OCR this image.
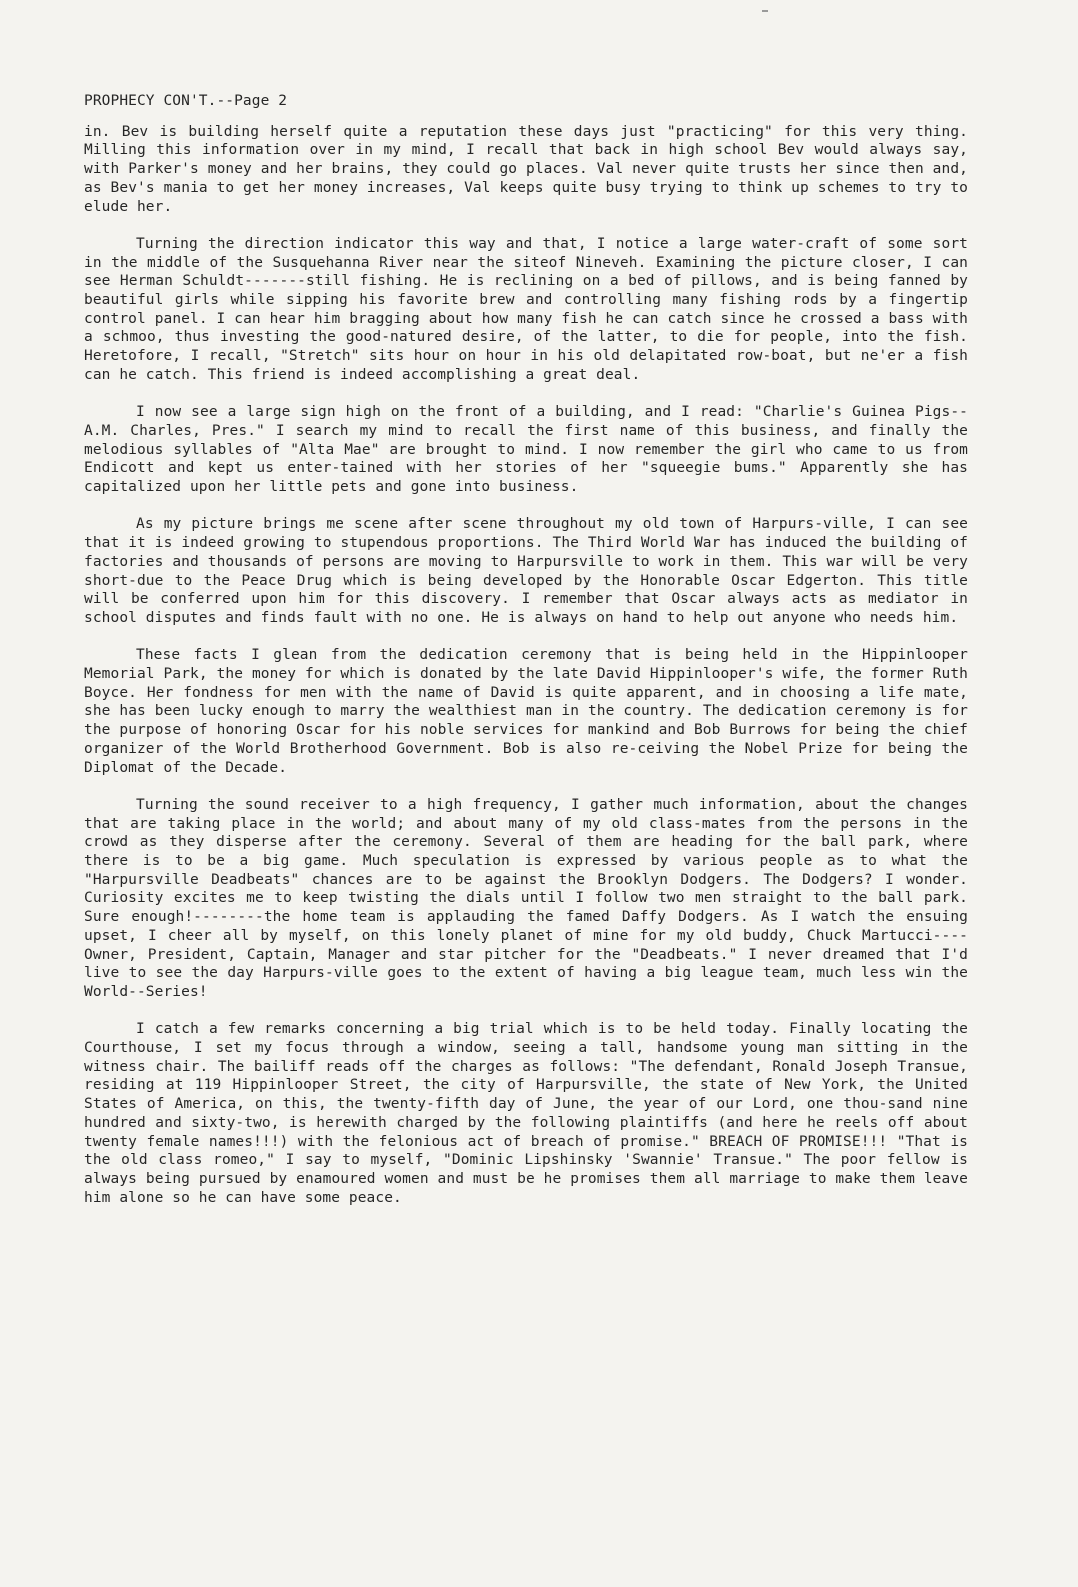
PROPHECY CON'T.--Page 2

in. Bev is building herself quite a reputation these days just "practicing" for this very thing. Milling this information over in my mind, I recall that back in high school Bev would always say, with Parker's money and her brains, they could go places. Val never quite trusts her since then and, as Bev's mania to get her money increases, Val keeps quite busy trying to think up schemes to try to elude her.

Turning the direction indicator this way and that, I notice a large water-craft of some sort in the middle of the Susquehanna River near the siteof Nineveh. Examining the picture closer, I can see Herman Schuldt-------still fishing. He is reclining on a bed of pillows, and is being fanned by beautiful girls while sipping his favorite brew and controlling many fishing rods by a fingertip control panel. I can hear him bragging about how many fish he can catch since he crossed a bass with a schmoo, thus investing the good-natured desire, of the latter, to die for people, into the fish. Heretofore, I recall, "Stretch" sits hour on hour in his old delapitated row-boat, but ne'er a fish can he catch. This friend is indeed accomplishing a great deal.

I now see a large sign high on the front of a building, and I read: "Charlie's Guinea Pigs--A.M. Charles, Pres." I search my mind to recall the first name of this business, and finally the melodious syllables of "Alta Mae" are brought to mind. I now remember the girl who came to us from Endicott and kept us enter-tained with her stories of her "squeegie bums." Apparently she has capitalized upon her little pets and gone into business.

As my picture brings me scene after scene throughout my old town of Harpurs-ville, I can see that it is indeed growing to stupendous proportions. The Third World War has induced the building of factories and thousands of persons are moving to Harpursville to work in them. This war will be very short-due to the Peace Drug which is being developed by the Honorable Oscar Edgerton. This title will be conferred upon him for this discovery. I remember that Oscar always acts as mediator in school disputes and finds fault with no one. He is always on hand to help out anyone who needs him.

These facts I glean from the dedication ceremony that is being held in the Hippinlooper Memorial Park, the money for which is donated by the late David Hippinlooper's wife, the former Ruth Boyce. Her fondness for men with the name of David is quite apparent, and in choosing a life mate, she has been lucky enough to marry the wealthiest man in the country. The dedication ceremony is for the purpose of honoring Oscar for his noble services for mankind and Bob Burrows for being the chief organizer of the World Brotherhood Government. Bob is also re-ceiving the Nobel Prize for being the Diplomat of the Decade.

Turning the sound receiver to a high frequency, I gather much information, about the changes that are taking place in the world; and about many of my old class-mates from the persons in the crowd as they disperse after the ceremony. Several of them are heading for the ball park, where there is to be a big game. Much speculation is expressed by various people as to what the "Harpursville Deadbeats" chances are to be against the Brooklyn Dodgers. The Dodgers? I wonder. Curiosity excites me to keep twisting the dials until I follow two men straight to the ball park. Sure enough!--------the home team is applauding the famed Daffy Dodgers. As I watch the ensuing upset, I cheer all by myself, on this lonely planet of mine for my old buddy, Chuck Martucci----Owner, President, Captain, Manager and star pitcher for the "Deadbeats." I never dreamed that I'd live to see the day Harpurs-ville goes to the extent of having a big league team, much less win the World--Series!

I catch a few remarks concerning a big trial which is to be held today. Finally locating the Courthouse, I set my focus through a window, seeing a tall, handsome young man sitting in the witness chair. The bailiff reads off the charges as follows: "The defendant, Ronald Joseph Transue, residing at 119 Hippinlooper Street, the city of Harpursville, the state of New York, the United States of America, on this, the twenty-fifth day of June, the year of our Lord, one thou-sand nine hundred and sixty-two, is herewith charged by the following plaintiffs (and here he reels off about twenty female names!!!) with the felonious act of breach of promise." BREACH OF PROMISE!!! "That is the old class romeo," I say to myself, "Dominic Lipshinsky 'Swannie' Transue." The poor fellow is always being pursued by enamoured women and must be he promises them all marriage to make them leave him alone so he can have some peace.
